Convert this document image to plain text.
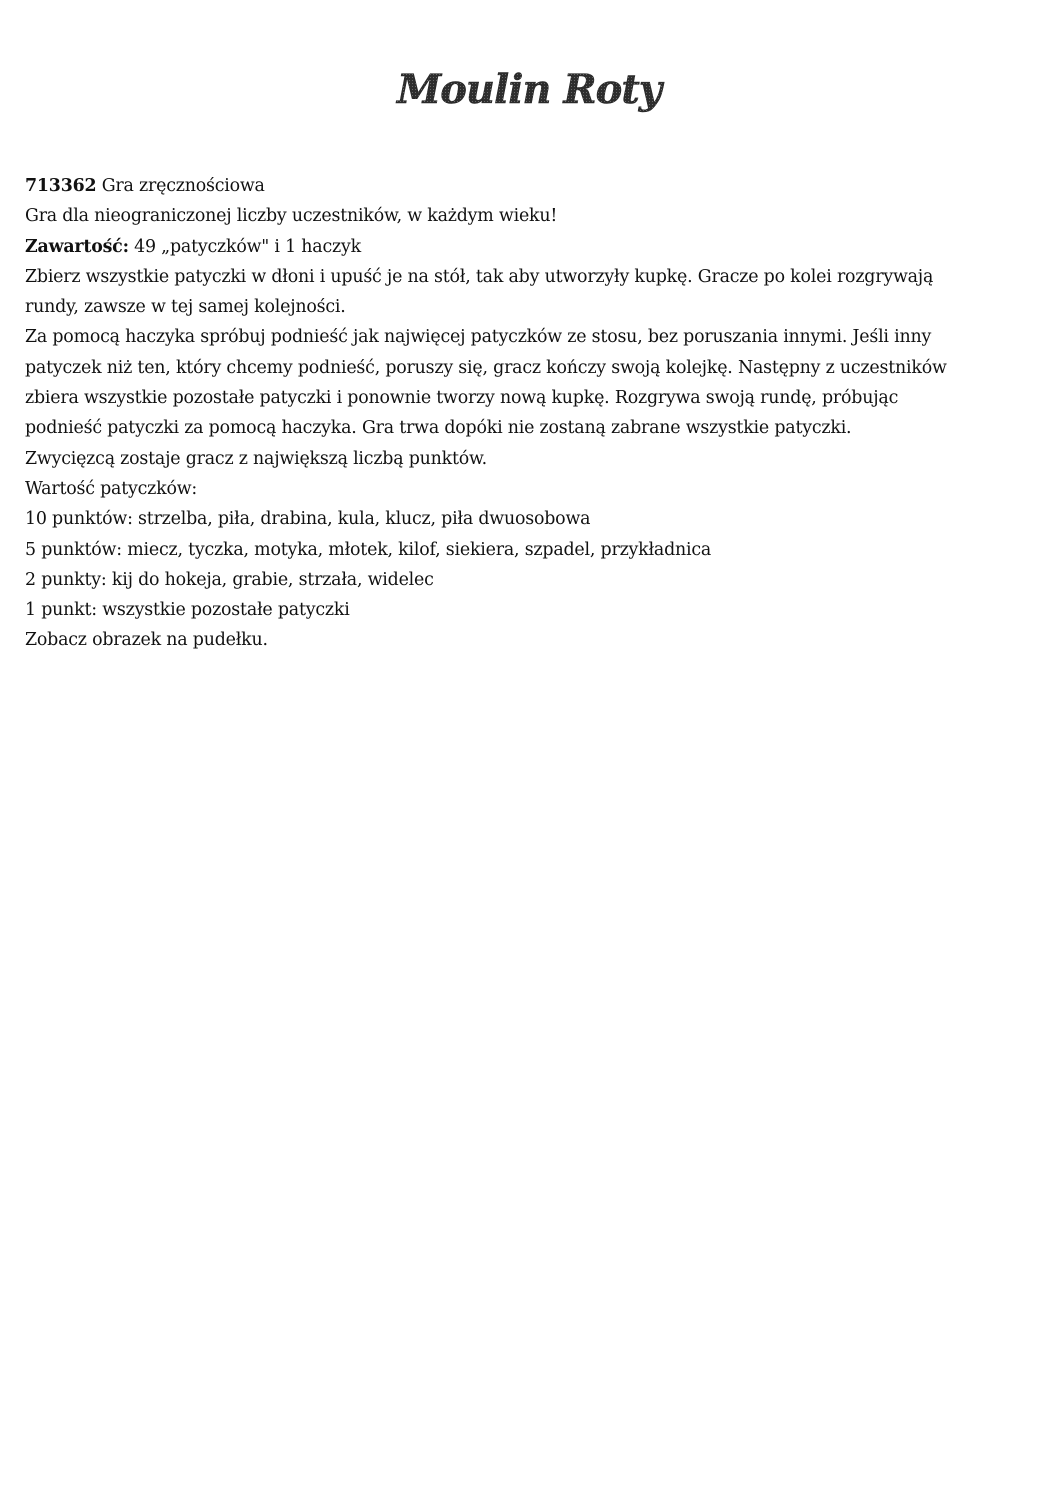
Moulin Roty
713362 Gra zręcznościowa
Gra dla nieograniczonej liczby uczestników, w każdym wieku!
Zawartość: 49 „patyczków" i 1 haczyk
Zbierz wszystkie patyczki w dłoni i upuść je na stół, tak aby utworzyły kupkę. Gracze po kolei rozgrywają
rundy, zawsze w tej samej kolejności.
Za pomocą haczyka spróbuj podnieść jak najwięcej patyczków ze stosu, bez poruszania innymi. Jeśli inny
patyczek niż ten, który chcemy podnieść, poruszy się, gracz kończy swoją kolejkę. Następny z uczestników
zbiera wszystkie pozostałe patyczki i ponownie tworzy nową kupkę. Rozgrywa swoją rundę, próbując
podnieść patyczki za pomocą haczyka. Gra trwa dopóki nie zostaną zabrane wszystkie patyczki.
Zwycięzcą zostaje gracz z największą liczbą punktów.
Wartość patyczków:
10 punktów: strzelba, piła, drabina, kula, klucz, piła dwuosobowa
5 punktów: miecz, tyczka, motyka, młotek, kilof, siekiera, szpadel, przykładnica
2 punkty: kij do hokeja, grabie, strzała, widelec
1 punkt: wszystkie pozostałe patyczki
Zobacz obrazek na pudełku.
